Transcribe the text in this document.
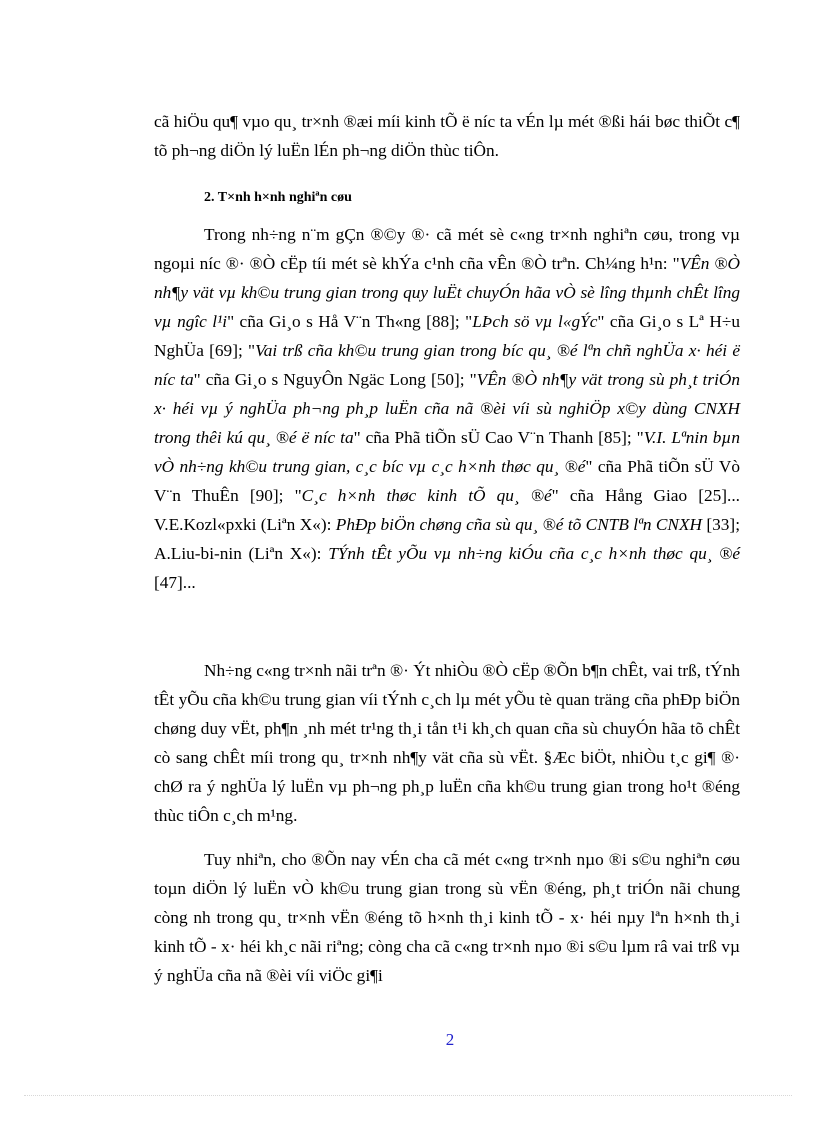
cã hiÖu qu¶ vµo qu¸ tr×nh ®æi míi kinh tÕ ë níc ta vÉn lµ mét ®ßi hái bøc thiÕt c¶ tõ ph¬ng diÖn lý luËn lÉn ph¬ng diÖn thùc tiÔn.

2. T×nh h×nh nghiªn cøu

Trong nh÷ng n¨m gÇn ®©y ®· cã mét sè c«ng tr×nh nghiªn cøu, trong vµ ngoµi níc ®· ®Ò cËp tíi mét sè khÝa c¹nh cña vÊn ®Ò trªn. Ch¼ng h¹n: "VÊn ®Ò nh¶y vät vµ kh©u trung gian trong quy luËt chuyÓn hãa vÒ sè lîng thµnh chÊt lîng vµ ngîc l¹i" cña Gi¸o s Hå V¨n Th«ng [88]; "LÞch sö vµ l«gÝc" cña Gi¸o s Lª H÷u NghÜa [69]; "Vai trß cña kh©u trung gian trong bíc qu¸ ®é lªn chñ nghÜa x· héi ë níc ta" cña Gi¸o s NguyÔn Ngäc Long [50]; "VÊn ®Ò nh¶y vät trong sù ph¸t triÓn x· héi vµ ý nghÜa ph¬ng ph¸p luËn cña nã ®èi víi sù nghiÖp x©y dùng CNXH trong thêi kú qu¸ ®é ë níc ta" cña Phã tiÕn sÜ Cao V¨n Thanh [85]; "V.I. Lªnin bµn vÒ nh÷ng kh©u trung gian, c¸c bíc vµ c¸c h×nh thøc qu¸ ®é" cña Phã tiÕn sÜ Vò V¨n ThuÊn [90]; "C¸c h×nh thøc kinh tÕ qu¸ ®é" cña Hång Giao [25]... V.E.Kozl«pxki (Liªn X«): PhÐp biÖn chøng cña sù qu¸ ®é tõ CNTB lªn CNXH [33]; A.Liu-bi-nin (Liªn X«): TÝnh tÊt yÕu vµ nh÷ng kiÓu cña c¸c h×nh thøc qu¸ ®é [47]...

Nh÷ng c«ng tr×nh nãi trªn ®· Ýt nhiÒu ®Ò cËp ®Õn b¶n chÊt, vai trß, tÝnh tÊt yÕu cña kh©u trung gian víi tÝnh c¸ch lµ mét yÕu tè quan träng cña phÐp biÖn chøng duy vËt, ph¶n ¸nh mét tr¹ng th¸i tån t¹i kh¸ch quan cña sù chuyÓn hãa tõ chÊt cò sang chÊt míi trong qu¸ tr×nh nh¶y vät cña sù vËt. §Æc biÖt, nhiÒu t¸c gi¶ ®· chØ ra ý nghÜa lý luËn vµ ph¬ng ph¸p luËn cña kh©u trung gian trong ho¹t ®éng thùc tiÔn c¸ch m¹ng.

Tuy nhiªn, cho ®Õn nay vÉn cha cã mét c«ng tr×nh nµo ®i s©u nghiªn cøu toµn diÖn lý luËn vÒ kh©u trung gian trong sù vËn ®éng, ph¸t triÓn nãi chung còng nh trong qu¸ tr×nh vËn ®éng tõ h×nh th¸i kinh tÕ - x· héi nµy lªn h×nh th¸i kinh tÕ - x· héi kh¸c nãi riªng; còng cha cã c«ng tr×nh nµo ®i s©u lµm râ vai trß vµ ý nghÜa cña nã ®èi víi viÖc gi¶i

2
